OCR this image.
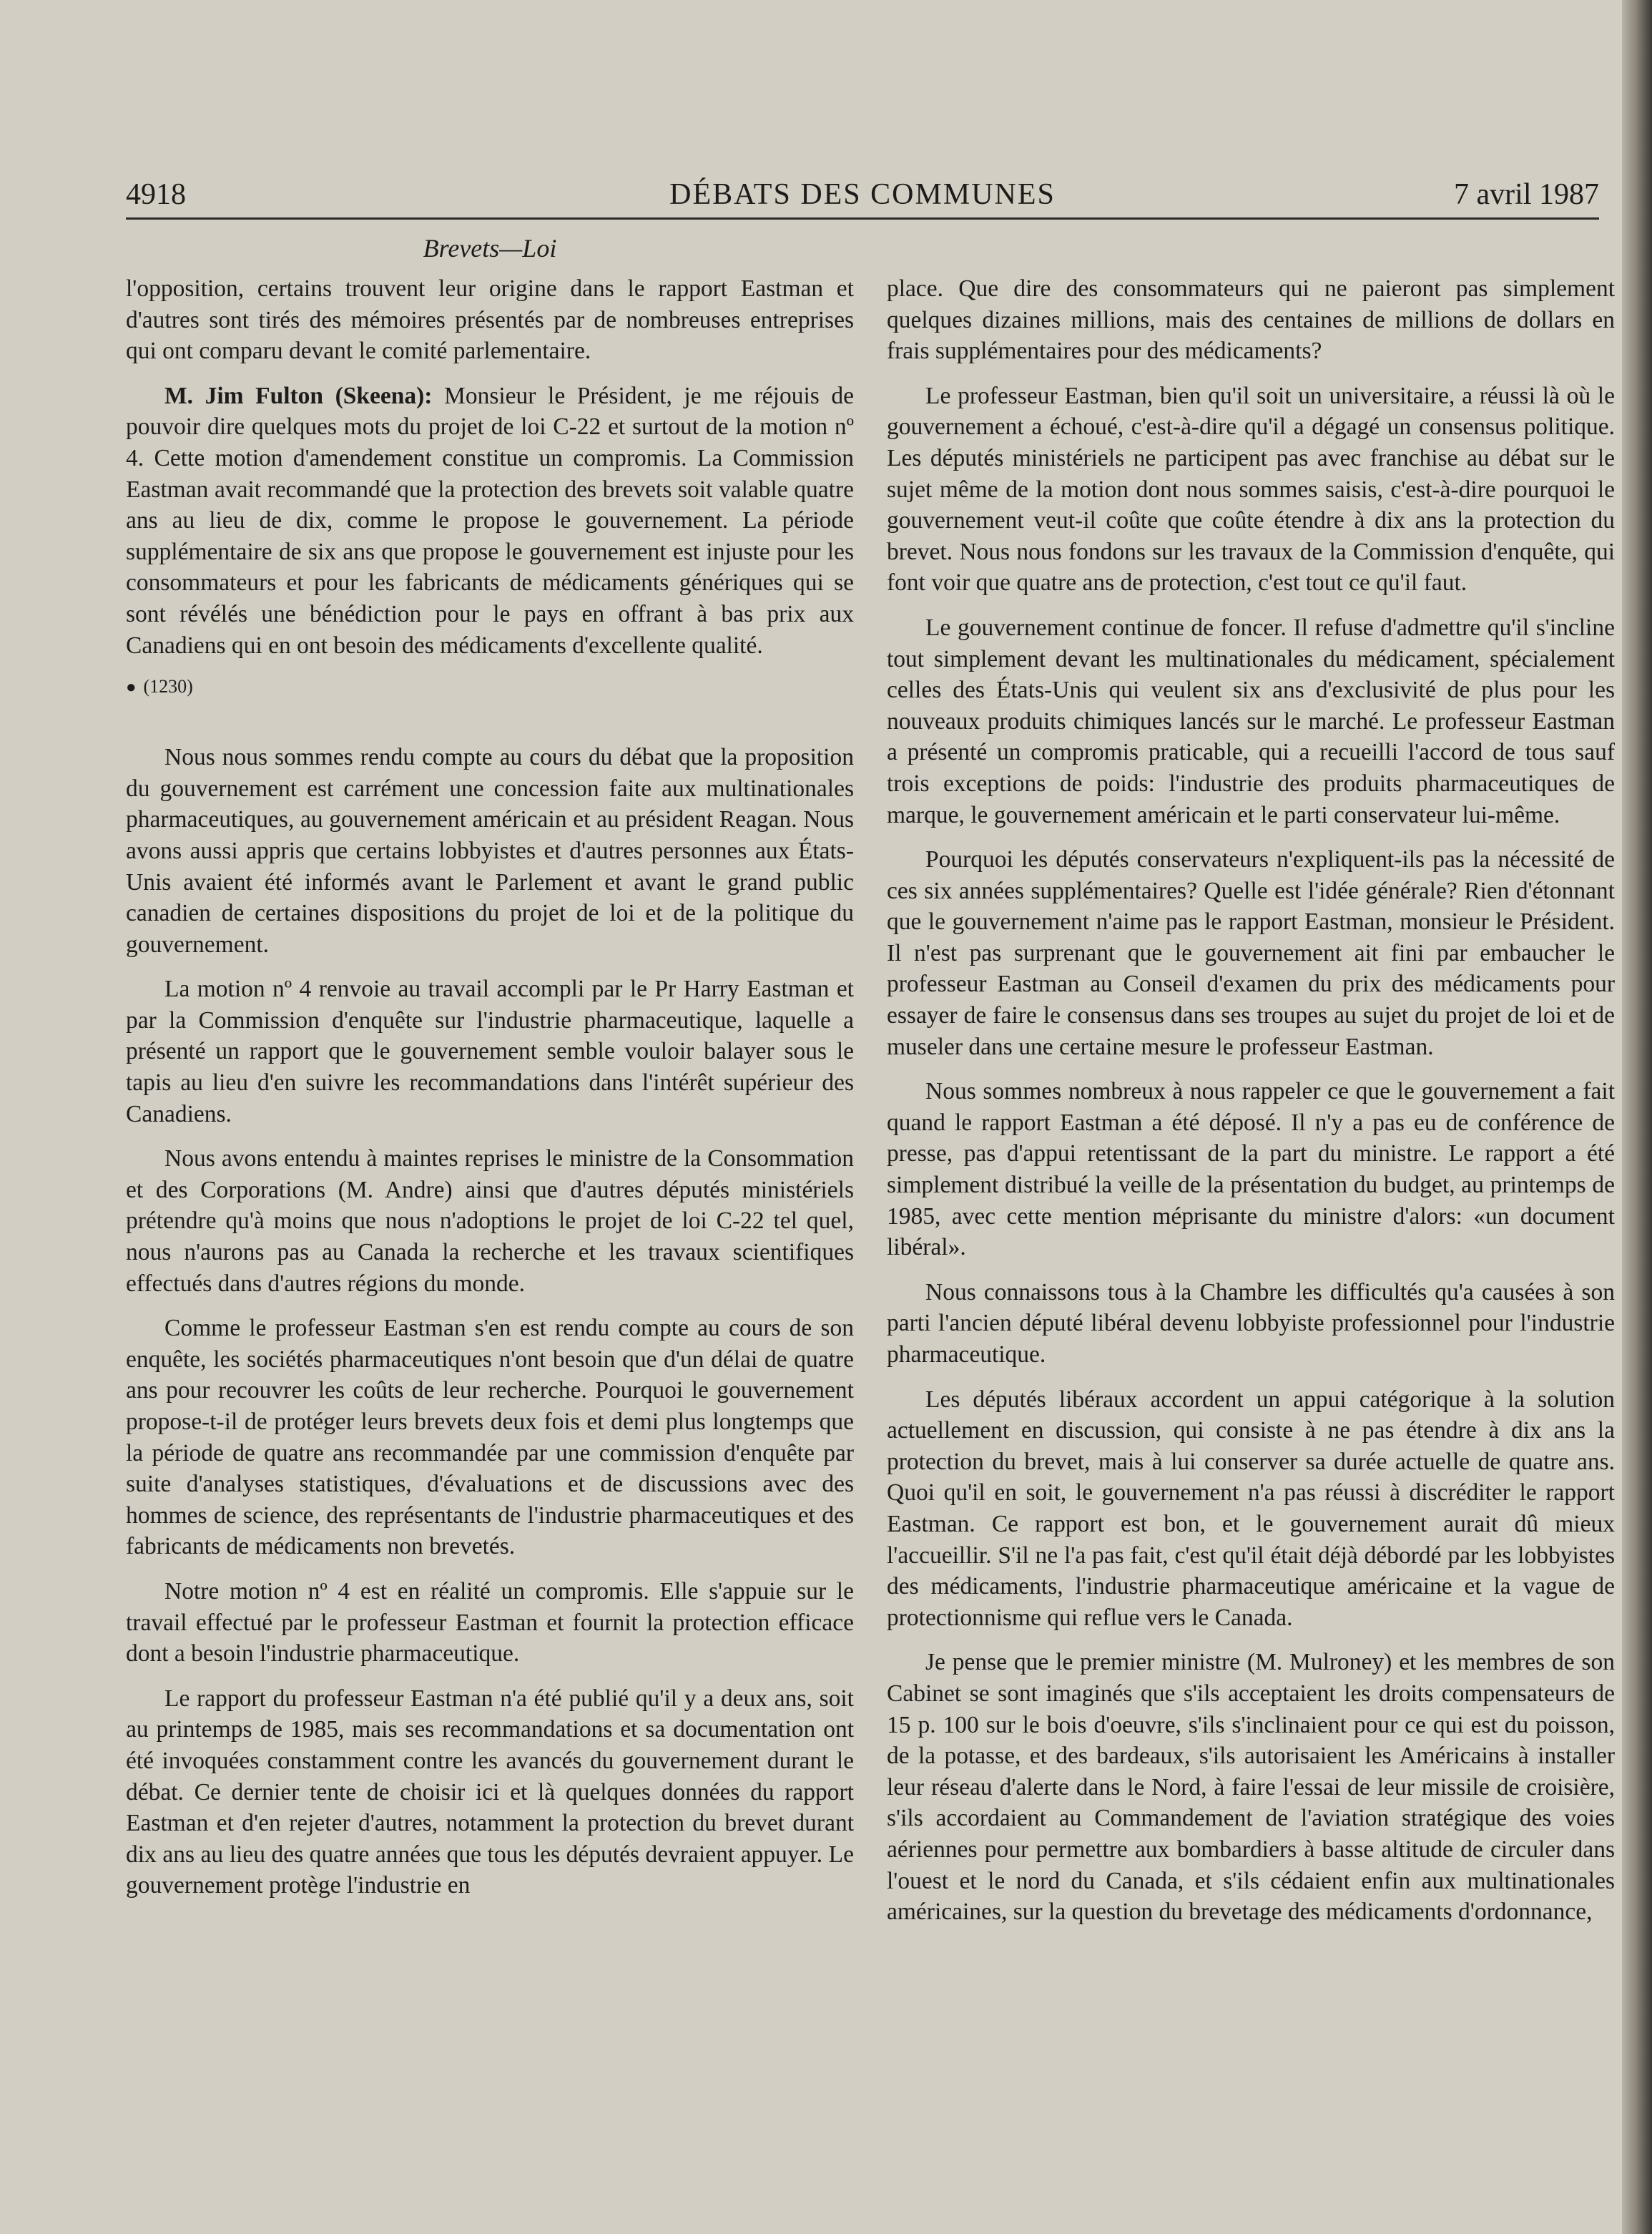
4918	DÉBATS DES COMMUNES	7 avril 1987
Brevets—Loi

l'opposition, certains trouvent leur origine dans le rapport Eastman et d'autres sont tirés des mémoires présentés par de nombreuses entreprises qui ont comparu devant le comité parlementaire.

M. Jim Fulton (Skeena): Monsieur le Président, je me réjouis de pouvoir dire quelques mots du projet de loi C-22 et surtout de la motion nº 4. Cette motion d'amendement constitue un compromis. La Commission Eastman avait recommandé que la protection des brevets soit valable quatre ans au lieu de dix, comme le propose le gouvernement. La période supplémentaire de six ans que propose le gouvernement est injuste pour les consommateurs et pour les fabricants de médicaments génériques qui se sont révélés une bénédiction pour le pays en offrant à bas prix aux Canadiens qui en ont besoin des médicaments d'excellente qualité.

● (1230)

Nous nous sommes rendu compte au cours du débat que la proposition du gouvernement est carrément une concession faite aux multinationales pharmaceutiques, au gouvernement américain et au président Reagan. Nous avons aussi appris que certains lobbyistes et d'autres personnes aux États-Unis avaient été informés avant le Parlement et avant le grand public canadien de certaines dispositions du projet de loi et de la politique du gouvernement.

La motion nº 4 renvoie au travail accompli par le Pr Harry Eastman et par la Commission d'enquête sur l'industrie pharmaceutique, laquelle a présenté un rapport que le gouvernement semble vouloir balayer sous le tapis au lieu d'en suivre les recommandations dans l'intérêt supérieur des Canadiens.

Nous avons entendu à maintes reprises le ministre de la Consommation et des Corporations (M. Andre) ainsi que d'autres députés ministériels prétendre qu'à moins que nous n'adoptions le projet de loi C-22 tel quel, nous n'aurons pas au Canada la recherche et les travaux scientifiques effectués dans d'autres régions du monde.

Comme le professeur Eastman s'en est rendu compte au cours de son enquête, les sociétés pharmaceutiques n'ont besoin que d'un délai de quatre ans pour recouvrer les coûts de leur recherche. Pourquoi le gouvernement propose-t-il de protéger leurs brevets deux fois et demi plus longtemps que la période de quatre ans recommandée par une commission d'enquête par suite d'analyses statistiques, d'évaluations et de discussions avec des hommes de science, des représentants de l'industrie pharmaceutiques et des fabricants de médicaments non brevetés.

Notre motion nº 4 est en réalité un compromis. Elle s'appuie sur le travail effectué par le professeur Eastman et fournit la protection efficace dont a besoin l'industrie pharmaceutique.

Le rapport du professeur Eastman n'a été publié qu'il y a deux ans, soit au printemps de 1985, mais ses recommandations et sa documentation ont été invoquées constamment contre les avancés du gouvernement durant le débat. Ce dernier tente de choisir ici et là quelques données du rapport Eastman et d'en rejeter d'autres, notamment la protection du brevet durant dix ans au lieu des quatre années que tous les députés devraient appuyer. Le gouvernement protège l'industrie en

place. Que dire des consommateurs qui ne paieront pas simplement quelques dizaines millions, mais des centaines de millions de dollars en frais supplémentaires pour des médicaments?

Le professeur Eastman, bien qu'il soit un universitaire, a réussi là où le gouvernement a échoué, c'est-à-dire qu'il a dégagé un consensus politique. Les députés ministériels ne participent pas avec franchise au débat sur le sujet même de la motion dont nous sommes saisis, c'est-à-dire pourquoi le gouvernement veut-il coûte que coûte étendre à dix ans la protection du brevet. Nous nous fondons sur les travaux de la Commission d'enquête, qui font voir que quatre ans de protection, c'est tout ce qu'il faut.

Le gouvernement continue de foncer. Il refuse d'admettre qu'il s'incline tout simplement devant les multinationales du médicament, spécialement celles des États-Unis qui veulent six ans d'exclusivité de plus pour les nouveaux produits chimiques lancés sur le marché. Le professeur Eastman a présenté un compromis praticable, qui a recueilli l'accord de tous sauf trois exceptions de poids: l'industrie des produits pharmaceutiques de marque, le gouvernement américain et le parti conservateur lui-même.

Pourquoi les députés conservateurs n'expliquent-ils pas la nécessité de ces six années supplémentaires? Quelle est l'idée générale? Rien d'étonnant que le gouvernement n'aime pas le rapport Eastman, monsieur le Président. Il n'est pas surprenant que le gouvernement ait fini par embaucher le professeur Eastman au Conseil d'examen du prix des médicaments pour essayer de faire le consensus dans ses troupes au sujet du projet de loi et de museler dans une certaine mesure le professeur Eastman.

Nous sommes nombreux à nous rappeler ce que le gouvernement a fait quand le rapport Eastman a été déposé. Il n'y a pas eu de conférence de presse, pas d'appui retentissant de la part du ministre. Le rapport a été simplement distribué la veille de la présentation du budget, au printemps de 1985, avec cette mention méprisante du ministre d'alors: «un document libéral».

Nous connaissons tous à la Chambre les difficultés qu'a causées à son parti l'ancien député libéral devenu lobbyiste professionnel pour l'industrie pharmaceutique.

Les députés libéraux accordent un appui catégorique à la solution actuellement en discussion, qui consiste à ne pas étendre à dix ans la protection du brevet, mais à lui conserver sa durée actuelle de quatre ans. Quoi qu'il en soit, le gouvernement n'a pas réussi à discréditer le rapport Eastman. Ce rapport est bon, et le gouvernement aurait dû mieux l'accueillir. S'il ne l'a pas fait, c'est qu'il était déjà débordé par les lobbyistes des médicaments, l'industrie pharmaceutique américaine et la vague de protectionnisme qui reflue vers le Canada.

Je pense que le premier ministre (M. Mulroney) et les membres de son Cabinet se sont imaginés que s'ils acceptaient les droits compensateurs de 15 p. 100 sur le bois d'oeuvre, s'ils s'inclinaient pour ce qui est du poisson, de la potasse, et des bardeaux, s'ils autorisaient les Américains à installer leur réseau d'alerte dans le Nord, à faire l'essai de leur missile de croisière, s'ils accordaient au Commandement de l'aviation stratégique des voies aériennes pour permettre aux bombardiers à basse altitude de circuler dans l'ouest et le nord du Canada, et s'ils cédaient enfin aux multinationales américaines, sur la question du brevetage des médicaments d'ordonnance,
